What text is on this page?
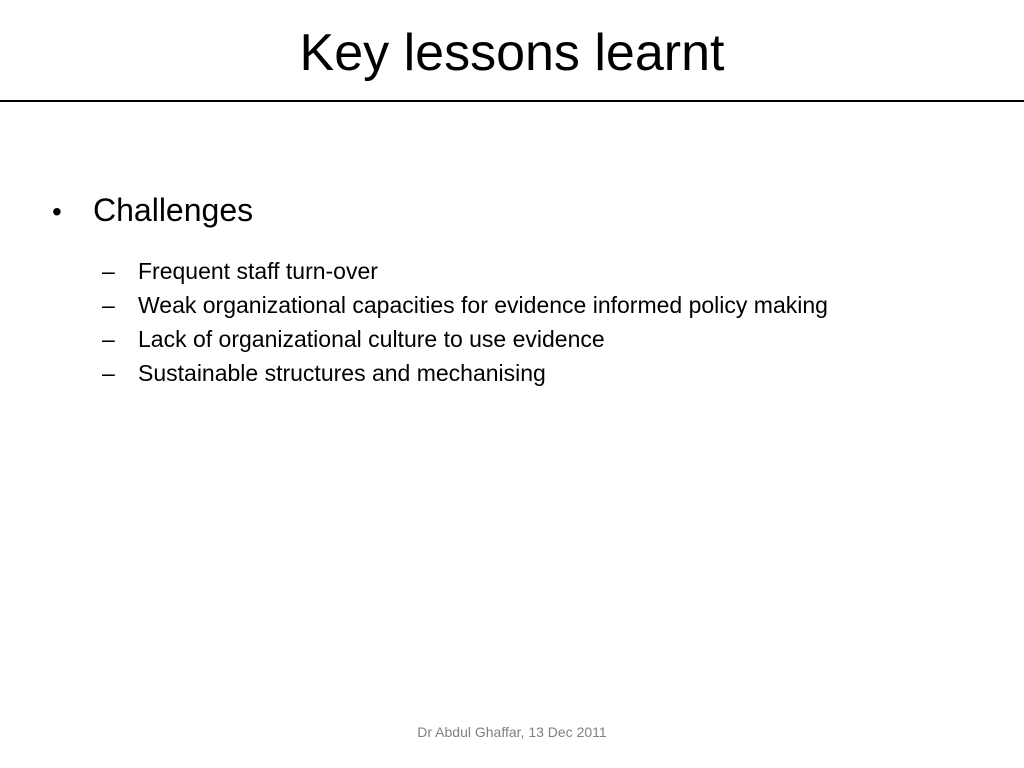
Key lessons learnt
• Challenges
–	Frequent staff turn-over
–	Weak organizational capacities for evidence informed policy making
–	Lack of organizational culture to use evidence
–	Sustainable structures and mechanising
Dr Abdul Ghaffar, 13 Dec 2011
